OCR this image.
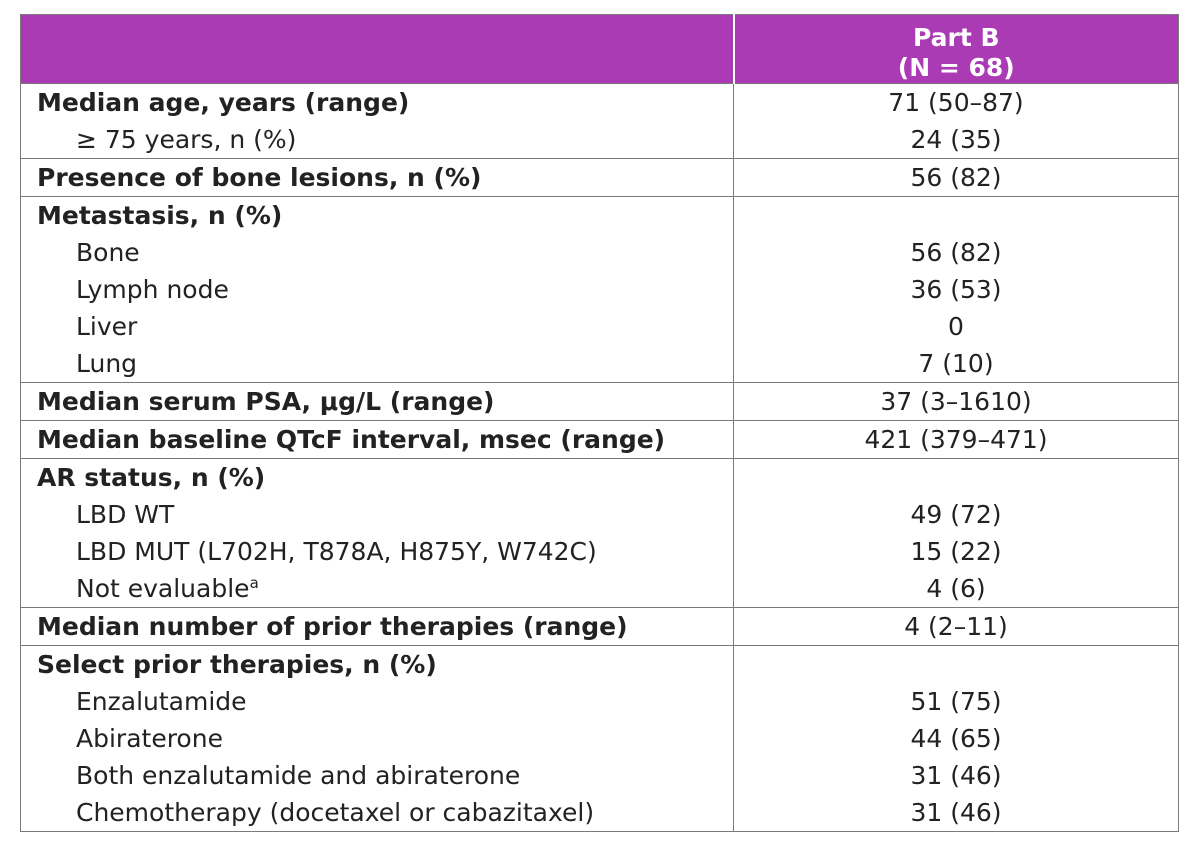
	Part B
(N = 68)

Median age, years (range)	71 (50–87)
≥ 75 years, n (%)	24 (35)
Presence of bone lesions, n (%)	56 (82)
Metastasis, n (%)	
Bone	56 (82)
Lymph node	36 (53)
Liver	0
Lung	7 (10)
Median serum PSA, μg/L (range)	37 (3–1610)
Median baseline QTcF interval, msec (range)	421 (379–471)
AR status, n (%)	
LBD WT	49 (72)
LBD MUT (L702H, T878A, H875Y, W742C)	15 (22)
Not evaluable$^a$	4 (6)
Median number of prior therapies (range)	4 (2–11)
Select prior therapies, n (%)	
Enzalutamide	51 (75)
Abiraterone	44 (65)
Both enzalutamide and abiraterone	31 (46)
Chemotherapy (docetaxel or cabazitaxel)	31 (46)
